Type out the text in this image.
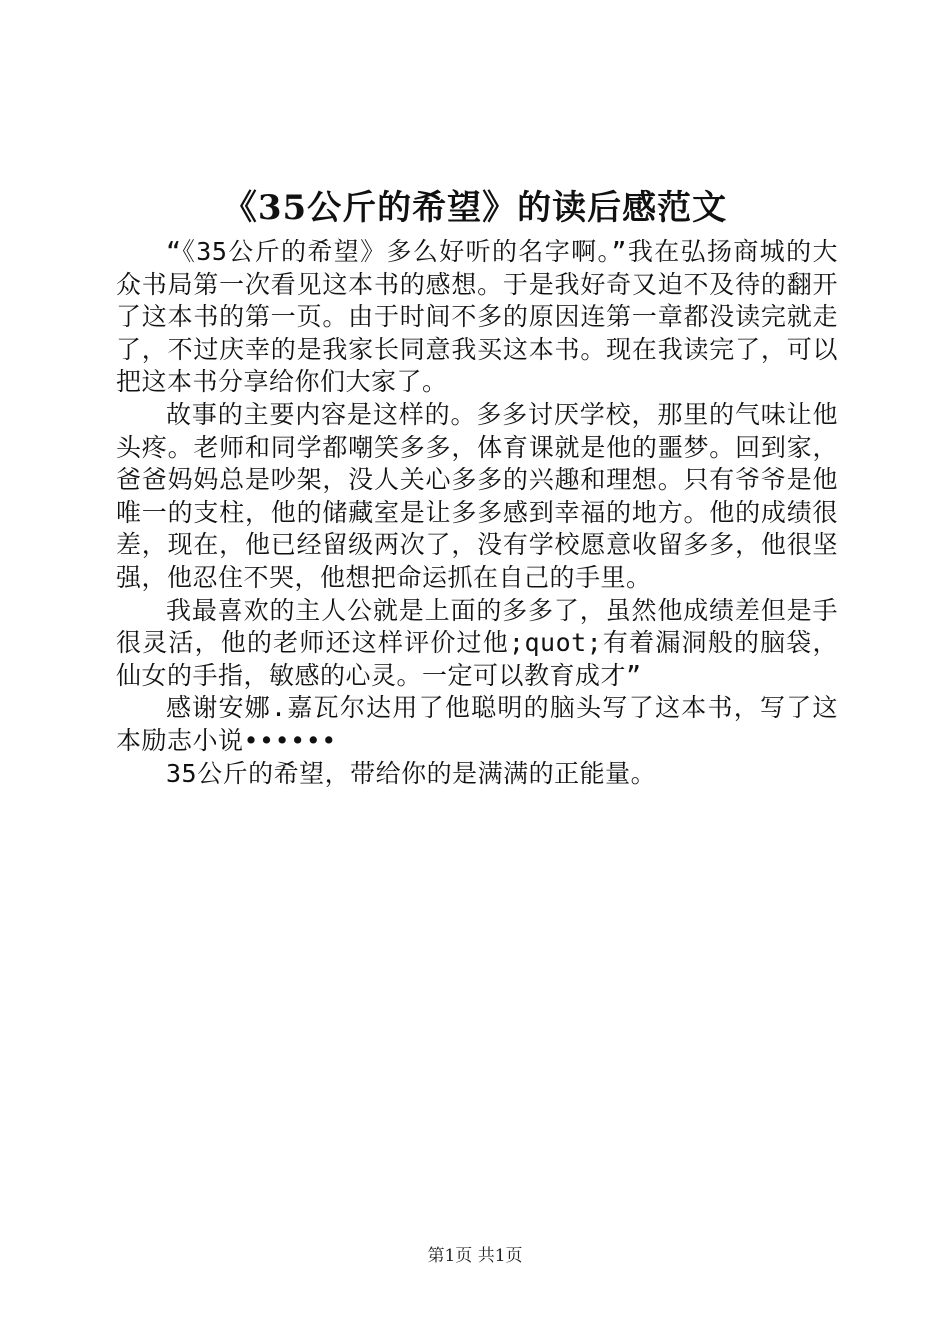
《35公斤的希望》的读后感范文

“《35公斤的希望》多么好听的名字啊。”我在弘扬商城的大众书局第一次看见这本书的感想。于是我好奇又迫不及待的翻开了这本书的第一页。由于时间不多的原因连第一章都没读完就走了，不过庆幸的是我家长同意我买这本书。现在我读完了，可以把这本书分享给你们大家了。

故事的主要内容是这样的。多多讨厌学校，那里的气味让他头疼。老师和同学都嘲笑多多，体育课就是他的噩梦。回到家，爸爸妈妈总是吵架，没人关心多多的兴趣和理想。只有爷爷是他唯一的支柱，他的储藏室是让多多感到幸福的地方。他的成绩很差，现在，他已经留级两次了，没有学校愿意收留多多，他很坚强，他忍住不哭，他想把命运抓在自己的手里。

我最喜欢的主人公就是上面的多多了，虽然他成绩差但是手很灵活，他的老师还这样评价过他;quot;有着漏洞般的脑袋，仙女的手指，敏感的心灵。一定可以教育成才”

感谢安娜.嘉瓦尔达用了他聪明的脑头写了这本书，写了这本励志小说••••••

35公斤的希望，带给你的是满满的正能量。

第1页 共1页
